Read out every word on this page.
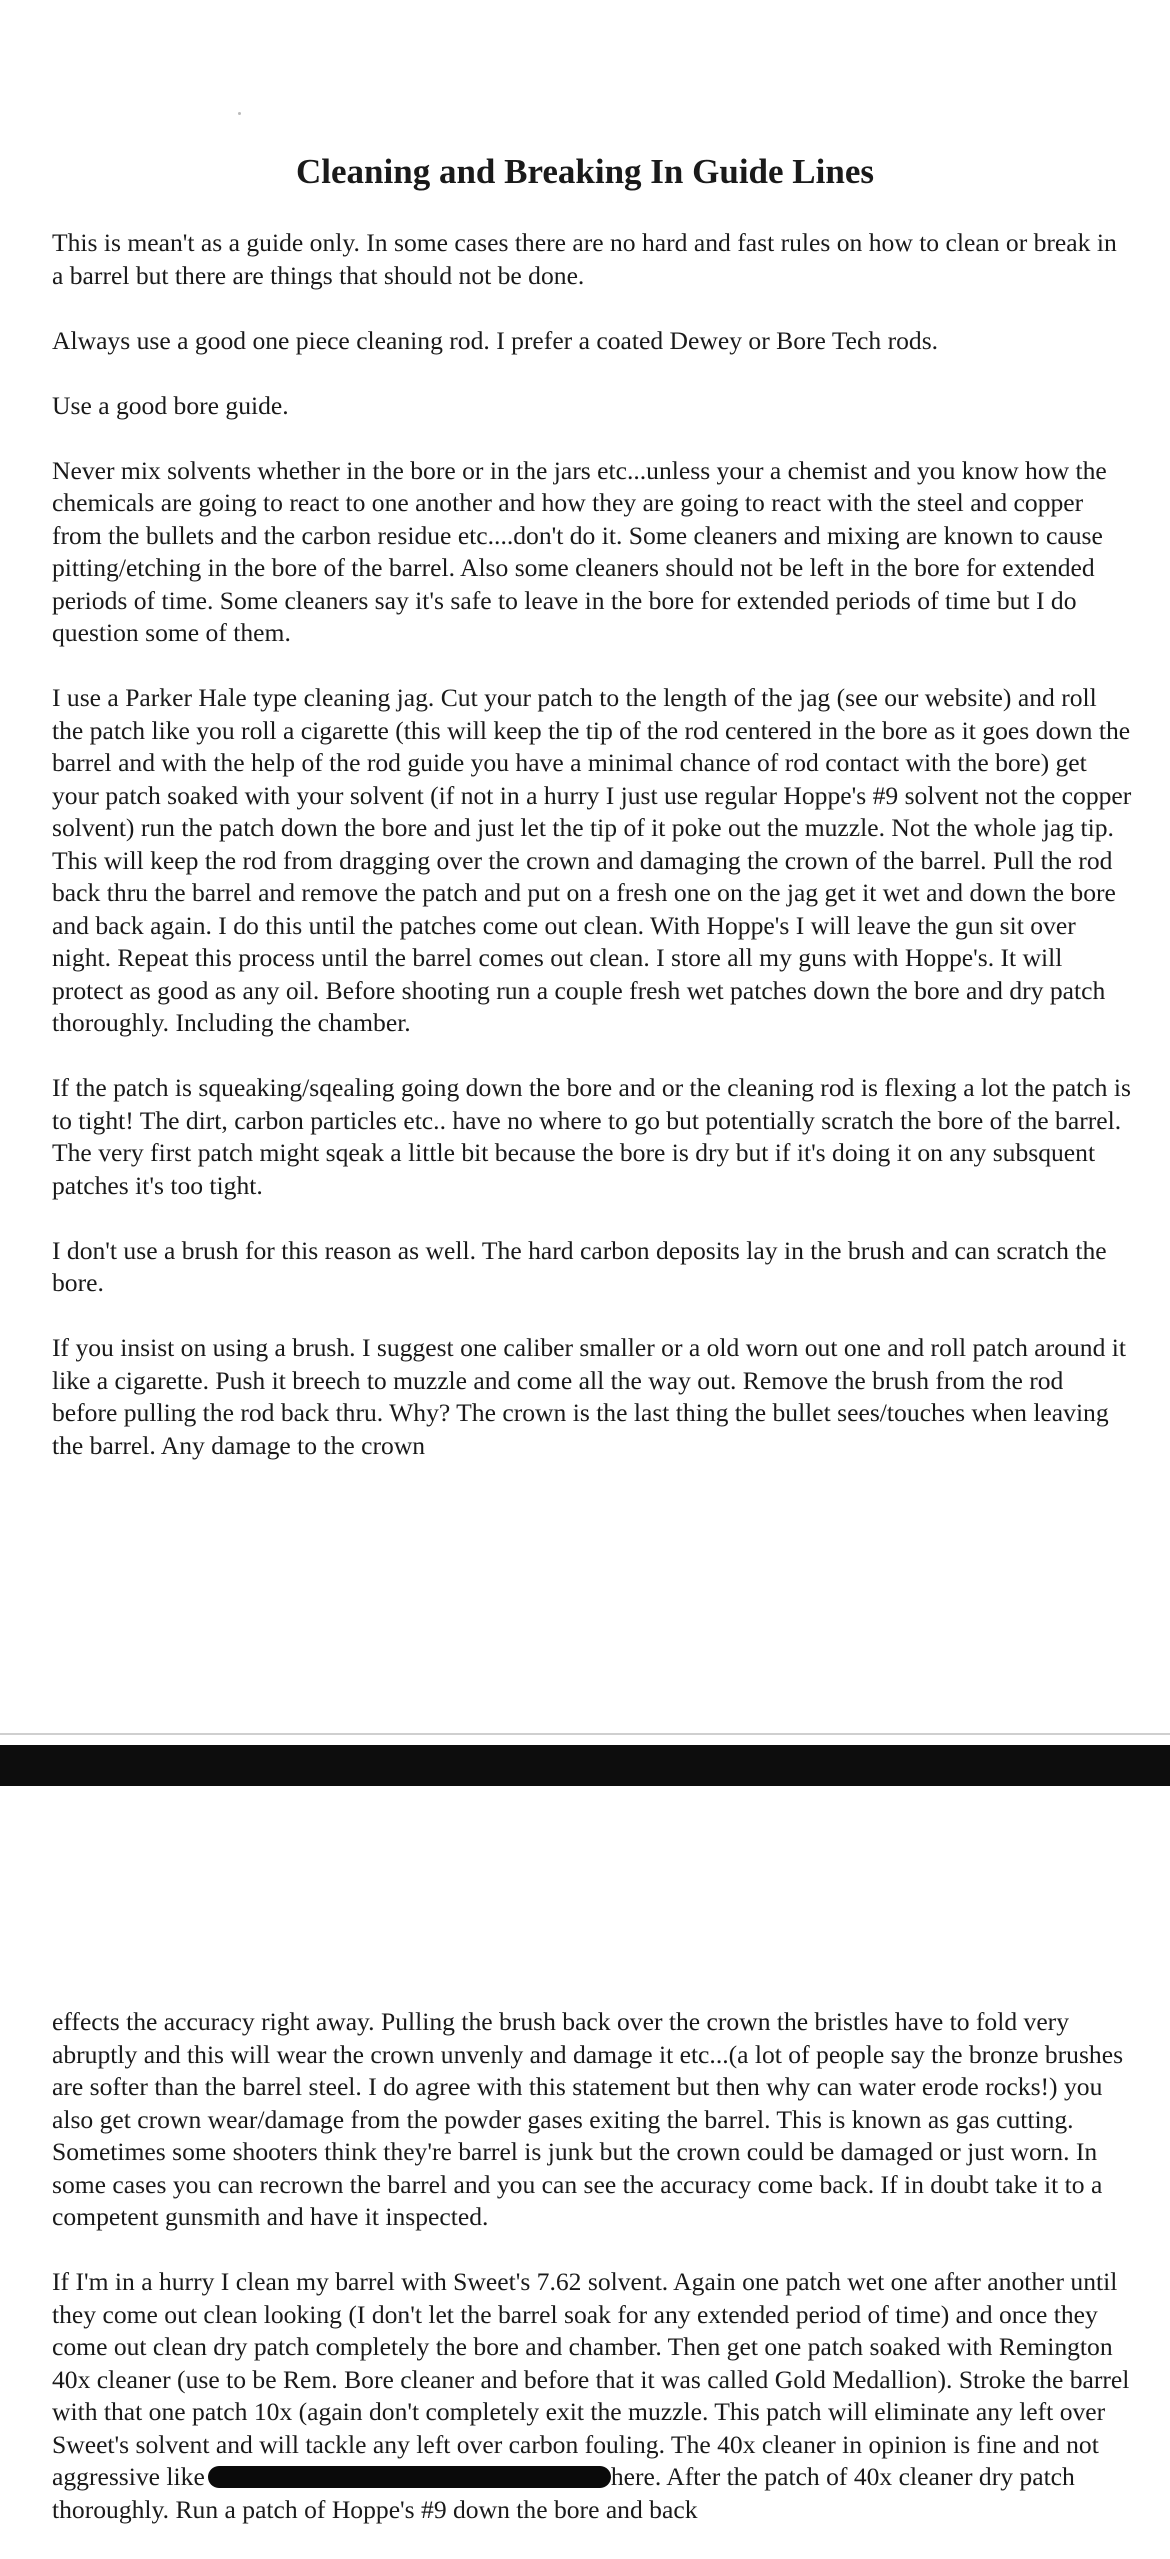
Cleaning and Breaking In Guide Lines

This is mean't as a guide only. In some cases there are no hard and fast rules on how to clean or break in a barrel but there are things that should not be done.

Always use a good one piece cleaning rod. I prefer a coated Dewey or Bore Tech rods.

Use a good bore guide.

Never mix solvents whether in the bore or in the jars etc...unless your a chemist and you know how the chemicals are going to react to one another and how they are going to react with the steel and copper from the bullets and the carbon residue etc....don't do it. Some cleaners and mixing are known to cause pitting/etching in the bore of the barrel. Also some cleaners should not be left in the bore for extended periods of time. Some cleaners say it's safe to leave in the bore for extended periods of time but I do question some of them.

I use a Parker Hale type cleaning jag. Cut your patch to the length of the jag (see our website) and roll the patch like you roll a cigarette (this will keep the tip of the rod centered in the bore as it goes down the barrel and with the help of the rod guide you have a minimal chance of rod contact with the bore) get your patch soaked with your solvent (if not in a hurry I just use regular Hoppe's #9 solvent not the copper solvent) run the patch down the bore and just let the tip of it poke out the muzzle. Not the whole jag tip. This will keep the rod from dragging over the crown and damaging the crown of the barrel. Pull the rod back thru the barrel and remove the patch and put on a fresh one on the jag get it wet and down the bore and back again. I do this until the patches come out clean. With Hoppe's I will leave the gun sit over night. Repeat this process until the barrel comes out clean. I store all my guns with Hoppe's. It will protect as good as any oil. Before shooting run a couple fresh wet patches down the bore and dry patch thoroughly. Including the chamber.

If the patch is squeaking/sqealing going down the bore and or the cleaning rod is flexing a lot the patch is to tight! The dirt, carbon particles etc.. have no where to go but potentially scratch the bore of the barrel. The very first patch might sqeak a little bit because the bore is dry but if it's doing it on any subsquent patches it's too tight.

I don't use a brush for this reason as well. The hard carbon deposits lay in the brush and can scratch the bore.

If you insist on using a brush. I suggest one caliber smaller or a old worn out one and roll patch around it like a cigarette. Push it breech to muzzle and come all the way out. Remove the brush from the rod before pulling the rod back thru. Why? The crown is the last thing the bullet sees/touches when leaving the barrel. Any damage to the crown

effects the accuracy right away. Pulling the brush back over the crown the bristles have to fold very abruptly and this will wear the crown unvenly and damage it etc...(a lot of people say the bronze brushes are softer than the barrel steel. I do agree with this statement but then why can water erode rocks!) you also get crown wear/damage from the powder gases exiting the barrel. This is known as gas cutting. Sometimes some shooters think they're barrel is junk but the crown could be damaged or just worn. In some cases you can recrown the barrel and you can see the accuracy come back. If in doubt take it to a competent gunsmith and have it inspected.

If I'm in a hurry I clean my barrel with Sweet's 7.62 solvent. Again one patch wet one after another until they come out clean looking (I don't let the barrel soak for any extended period of time) and once they come out clean dry patch completely the bore and chamber. Then get one patch soaked with Remington 40x cleaner (use to be Rem. Bore cleaner and before that it was called Gold Medallion). Stroke the barrel with that one patch 10x (again don't completely exit the muzzle. This patch will eliminate any left over Sweet's solvent and will tackle any left over carbon fouling. The 40x cleaner in opinion is fine and not aggressive like	here. After the patch of 40x cleaner dry patch thoroughly. Run a patch of Hoppe's #9 down the bore and back
